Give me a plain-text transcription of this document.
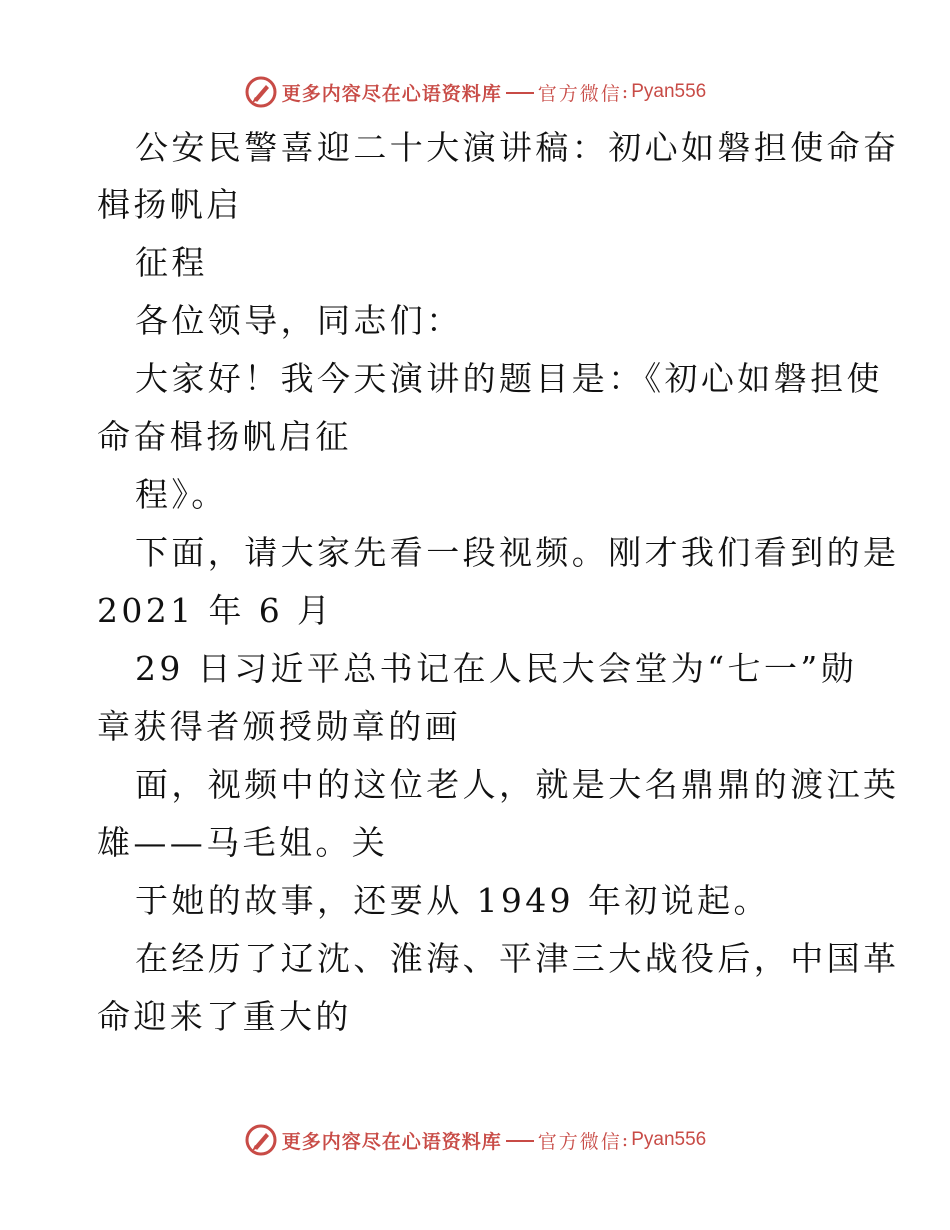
更多内容尽在心语资料库 官方微信 : Pyan556
公安民警喜迎二十大演讲稿：初心如磐担使命奋
楫扬帆启
征程
各位领导，同志们：
大家好！我今天演讲的题目是：《初心如磐担使
命奋楫扬帆启征
程》。
下面，请大家先看一段视频。刚才我们看到的是
2021 年 6 月
29 日习近平总书记在人民大会堂为“七一”勋
章获得者颁授勋章的画
面，视频中的这位老人，就是大名鼎鼎的渡江英
雄——马毛姐。关
于她的故事，还要从 1949 年初说起。
在经历了辽沈、淮海、平津三大战役后，中国革
命迎来了重大的
更多内容尽在心语资料库 官方微信 : Pyan556
